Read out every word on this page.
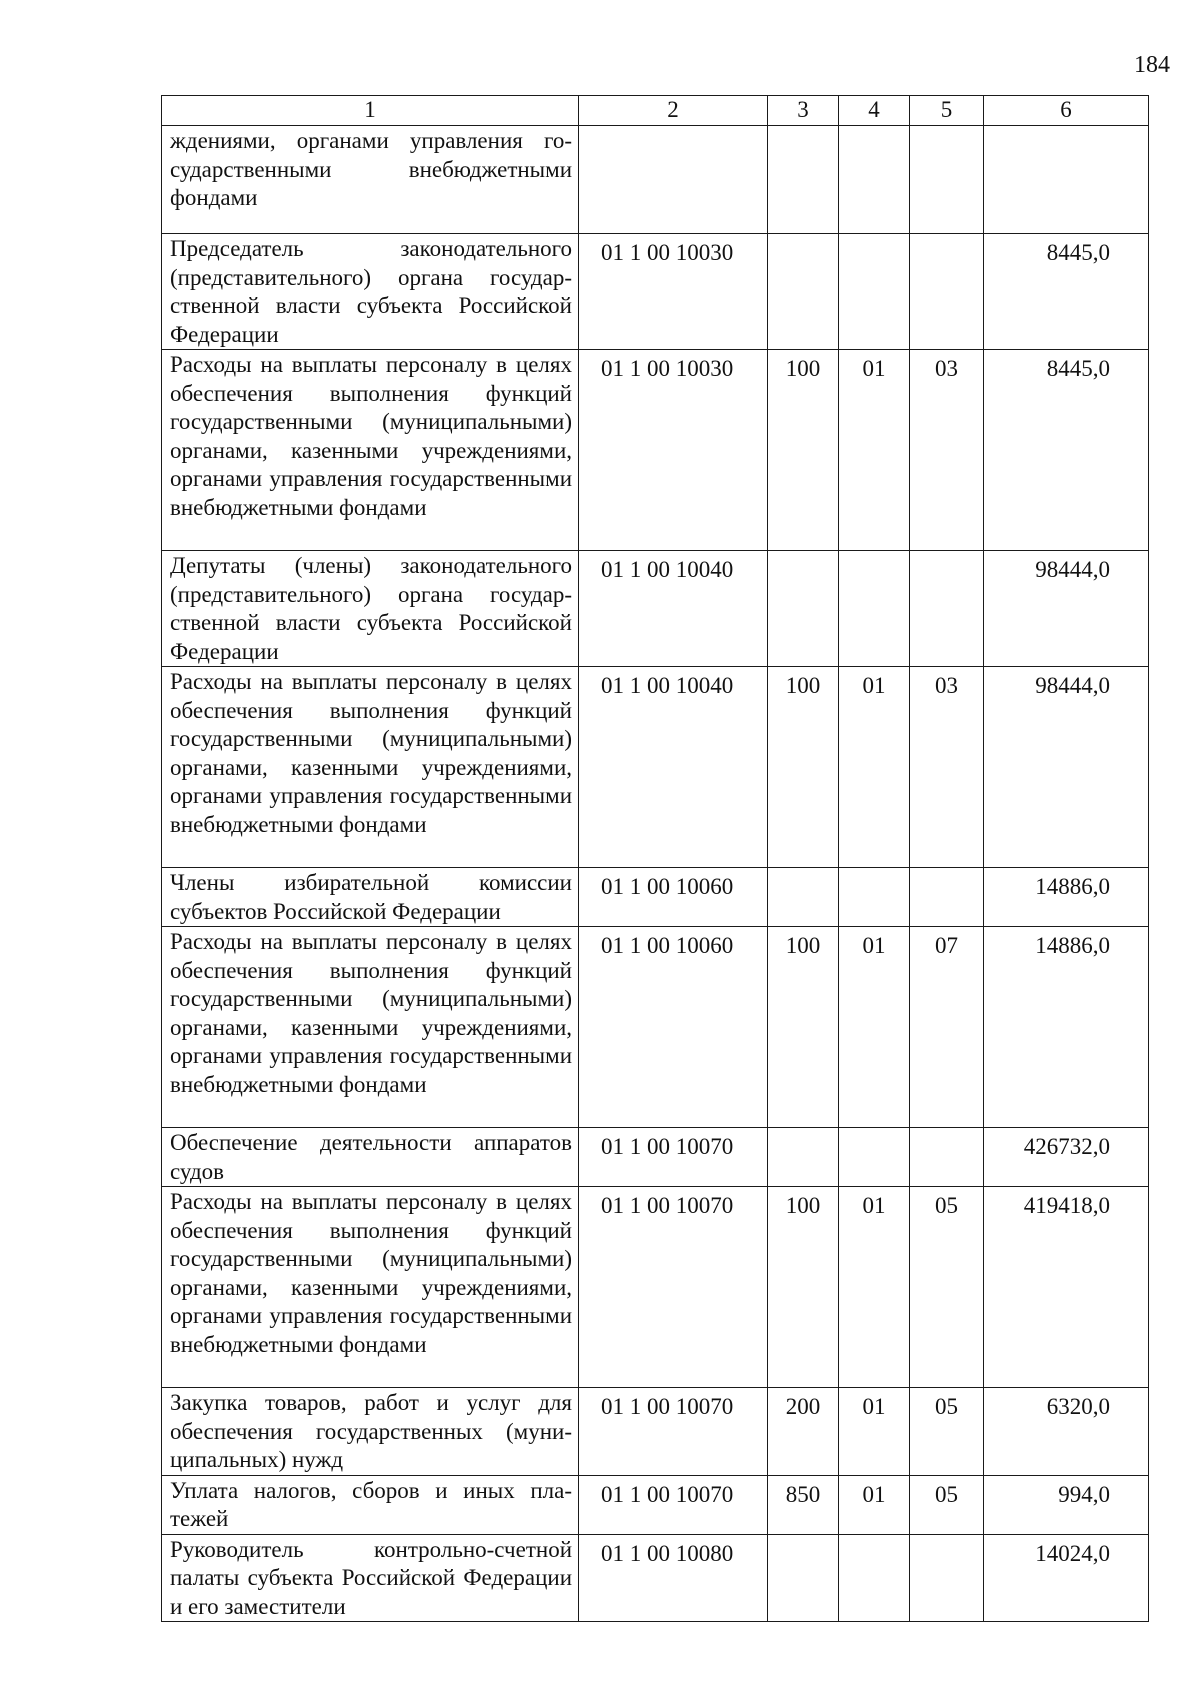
184
1	2	3	4	5	6
ждениями, органами управления государственными внебюджетными фондами					
Председатель законодательного (представительного) органа государственной власти субъекта Российской Федерации	01 1 00 10030				8445,0
Расходы на выплаты персоналу в целях обеспечения выполнения функций государственными (муниципальными) органами, казенными учреждениями, органами управления государственными внебюджетными фондами	01 1 00 10030	100	01	03	8445,0
Депутаты (члены) законодательного (представительного) органа государственной власти субъекта Российской Федерации	01 1 00 10040				98444,0
Расходы на выплаты персоналу в целях обеспечения выполнения функций государственными (муниципальными) органами, казенными учреждениями, органами управления государственными внебюджетными фондами	01 1 00 10040	100	01	03	98444,0
Члены избирательной комиссии субъектов Российской Федерации	01 1 00 10060				14886,0
Расходы на выплаты персоналу в целях обеспечения выполнения функций государственными (муниципальными) органами, казенными учреждениями, органами управления государственными внебюджетными фондами	01 1 00 10060	100	01	07	14886,0
Обеспечение деятельности аппаратов судов	01 1 00 10070				426732,0
Расходы на выплаты персоналу в целях обеспечения выполнения функций государственными (муниципальными) органами, казенными учреждениями, органами управления государственными внебюджетными фондами	01 1 00 10070	100	01	05	419418,0
Закупка товаров, работ и услуг для обеспечения государственных (муниципальных) нужд	01 1 00 10070	200	01	05	6320,0
Уплата налогов, сборов и иных платежей	01 1 00 10070	850	01	05	994,0
Руководитель контрольно-счетной палаты субъекта Российской Федерации и его заместители	01 1 00 10080				14024,0
